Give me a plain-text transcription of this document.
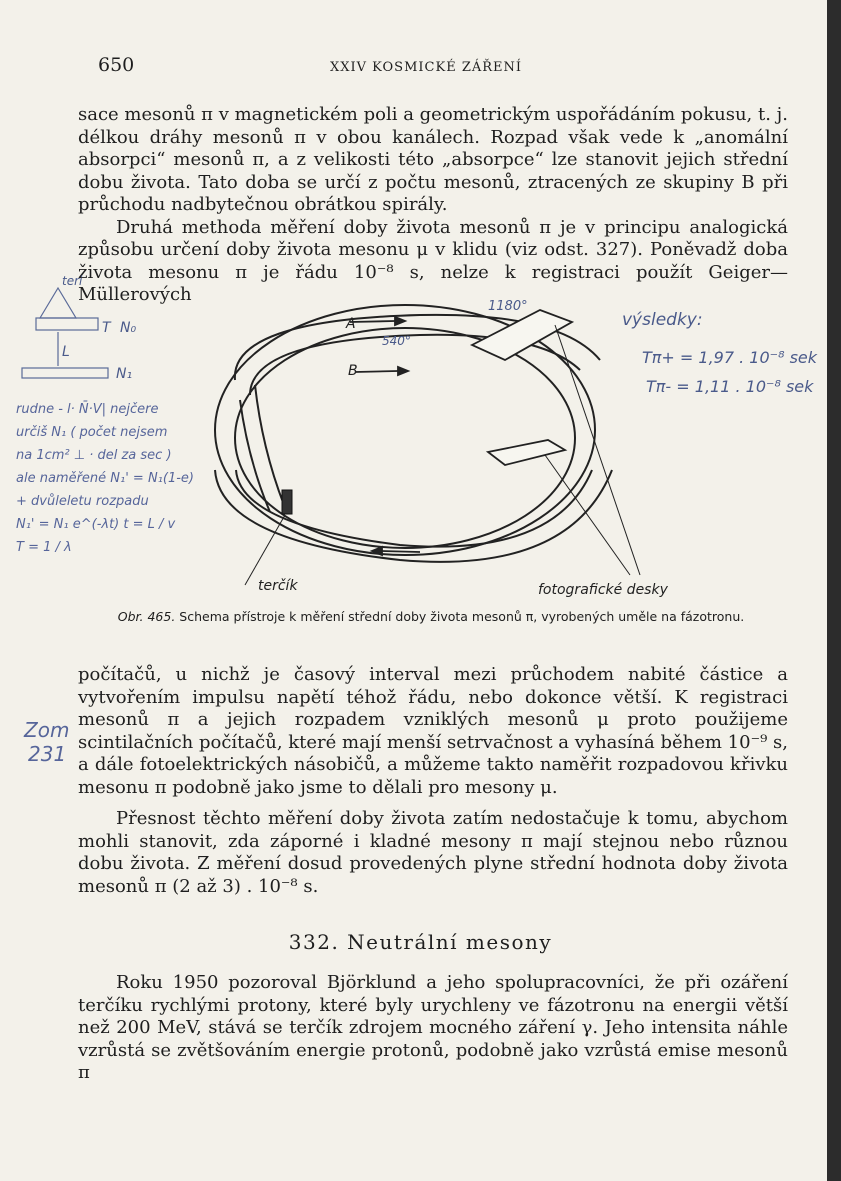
650	XXIV KOSMICKÉ ZÁŘENÍ

sace mesonů π v magnetickém poli a geometrickým uspořádáním pokusu, t. j. délkou dráhy mesonů π v obou kanálech. Rozpad však vede k „anomální absorpci“ mesonů π, a z velikosti této „absorpce“ lze stanovit jejich střední dobu života. Tato doba se určí z počtu mesonů, ztracených ze skupiny B při průchodu nadbytečnou obrátkou spirály.

Druhá methoda měření doby života mesonů π je v principu analogická způsobu určení doby života mesonu μ v klidu (viz odst. 327). Poněvadž doba života mesonu π je řádu 10⁻⁸ s, nelze k registraci použít Geiger—Müllerových

A
B
terčík	fotografické desky
teri
T
L
N₀
N₁
1180°
540°
výsledky:
Tπ+ = 1,97 . 10⁻⁸ sek
Tπ- = 1,11 . 10⁻⁸ sek
rudne - l· N̄·V| nejčere
určiš N₁ ( počet nejsem
na 1cm² ⊥ · del za sec )
ale naměřené N₁' = N₁(1-e)
+ dvůleletu rozpadu
N₁' = N₁ e^(-λt) t = L / v
T = 1 / λ

Obr. 465. Schema přístroje k měření střední doby života mesonů π, vyrobených uměle na fázotronu.

počítačů, u nichž je časový interval mezi průchodem nabité částice a vytvořením impulsu napětí téhož řádu, nebo dokonce větší. K registraci mesonů π a jejich rozpadem vzniklých mesonů μ proto použijeme scintilačních počítačů, které mají menší setrvačnost a vyhasíná během 10⁻⁹ s, a dále fotoelektrických násobičů, a můžeme takto naměřit rozpadovou křivku mesonu π podobně jako jsme to dělali pro mesony μ.

Zom
231

Přesnost těchto měření doby života zatím nedostačuje k tomu, abychom mohli stanovit, zda záporné i kladné mesony π mají stejnou nebo různou dobu života. Z měření dosud provedených plyne střední hodnota doby života mesonů π (2 až 3) . 10⁻⁸ s.

332. Neutrální mesony

Roku 1950 pozoroval Björklund a jeho spolupracovníci, že při ozáření terčíku rychlými protony, které byly urychleny ve fázotronu na energii větší než 200 MeV, stává se terčík zdrojem mocného záření γ. Jeho intensita náhle vzrůstá se zvětšováním energie protonů, podobně jako vzrůstá emise mesonů π
